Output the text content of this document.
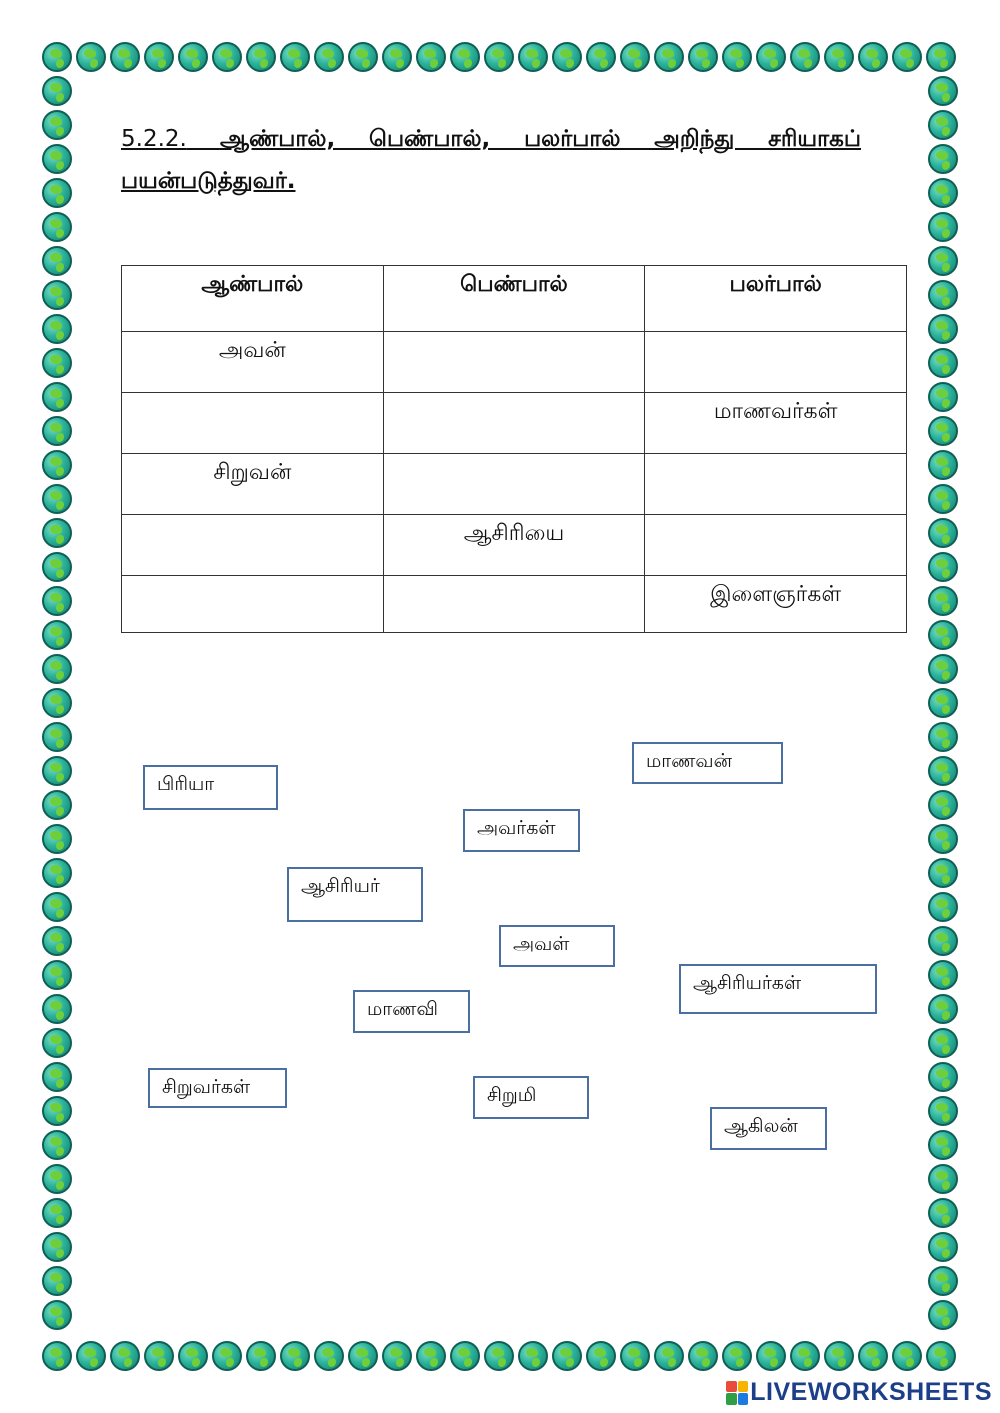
5.2.2. ஆண்பால், பெண்பால், பலர்பால் அறிந்து சரியாகப் பயன்படுத்துவர்.
ஆண்பால்	பெண்பால்	பலர்பால்
அவன்		
		மாணவர்கள்
சிறுவன்		
	ஆசிரியை	
		இளைஞர்கள்
பிரியா
மாணவன்
அவர்கள்
ஆசிரியர்
அவள்
ஆசிரியர்கள்
மாணவி
சிறுவர்கள்	சிறுமி
ஆகிலன்
LIVEWORKSHEETS
